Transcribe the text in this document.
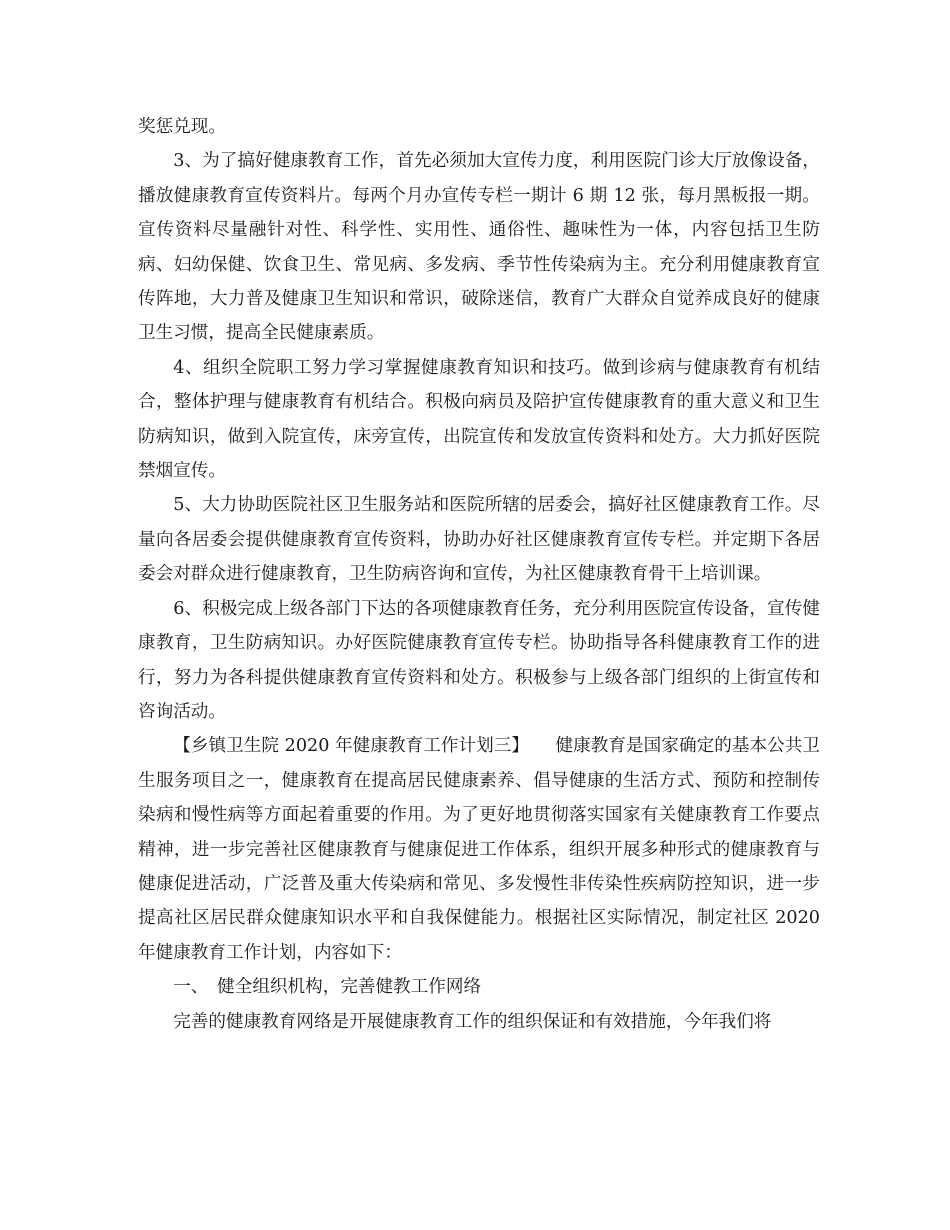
奖惩兑现。

3、为了搞好健康教育工作，首先必须加大宣传力度，利用医院门诊大厅放像设备，播放健康教育宣传资料片。每两个月办宣传专栏一期计 6 期 12 张，每月黑板报一期。宣传资料尽量融针对性、科学性、实用性、通俗性、趣味性为一体，内容包括卫生防病、妇幼保健、饮食卫生、常见病、多发病、季节性传染病为主。充分利用健康教育宣传阵地，大力普及健康卫生知识和常识，破除迷信，教育广大群众自觉养成良好的健康卫生习惯，提高全民健康素质。

4、组织全院职工努力学习掌握健康教育知识和技巧。做到诊病与健康教育有机结合，整体护理与健康教育有机结合。积极向病员及陪护宣传健康教育的重大意义和卫生防病知识，做到入院宣传，床旁宣传，出院宣传和发放宣传资料和处方。大力抓好医院禁烟宣传。

5、大力协助医院社区卫生服务站和医院所辖的居委会，搞好社区健康教育工作。尽量向各居委会提供健康教育宣传资料，协助办好社区健康教育宣传专栏。并定期下各居委会对群众进行健康教育，卫生防病咨询和宣传，为社区健康教育骨干上培训课。

6、积极完成上级各部门下达的各项健康教育任务，充分利用医院宣传设备，宣传健康教育，卫生防病知识。办好医院健康教育宣传专栏。协助指导各科健康教育工作的进行，努力为各科提供健康教育宣传资料和处方。积极参与上级各部门组织的上街宣传和咨询活动。

【乡镇卫生院 2020 年健康教育工作计划三】　　健康教育是国家确定的基本公共卫生服务项目之一，健康教育在提高居民健康素养、倡导健康的生活方式、预防和控制传染病和慢性病等方面起着重要的作用。为了更好地贯彻落实国家有关健康教育工作要点精神，进一步完善社区健康教育与健康促进工作体系，组织开展多种形式的健康教育与健康促进活动，广泛普及重大传染病和常见、多发慢性非传染性疾病防控知识，进一步提高社区居民群众健康知识水平和自我保健能力。根据社区实际情况，制定社区 2020 年健康教育工作计划，内容如下：

一、　健全组织机构，完善健教工作网络

完善的健康教育网络是开展健康教育工作的组织保证和有效措施，今年我们将
